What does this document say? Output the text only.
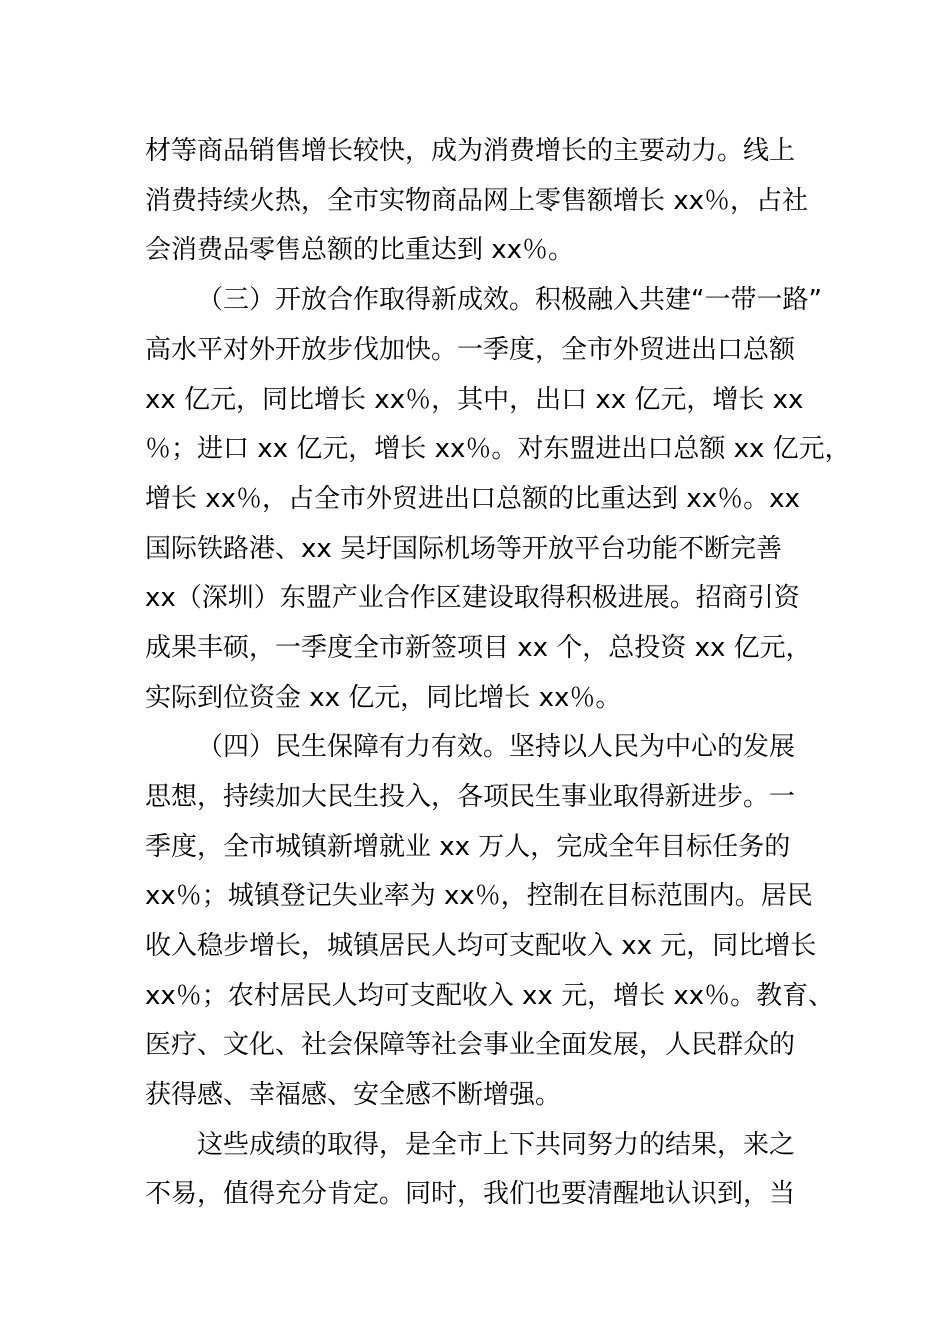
材等商品销售增长较快，成为消费增长的主要动力。线上
消费持续火热，全市实物商品网上零售额增长 xx％，占社
会消费品零售总额的比重达到 xx％。
（三）开放合作取得新成效。积极融入共建“一带一路”
高水平对外开放步伐加快。一季度，全市外贸进出口总额
xx 亿元，同比增长 xx％，其中，出口 xx 亿元，增长 xx
％；进口 xx 亿元，增长 xx％。对东盟进出口总额 xx 亿元，
增长 xx％，占全市外贸进出口总额的比重达到 xx％。xx
国际铁路港、xx 吴圩国际机场等开放平台功能不断完善
xx（深圳）东盟产业合作区建设取得积极进展。招商引资
成果丰硕，一季度全市新签项目 xx 个，总投资 xx 亿元，
实际到位资金 xx 亿元，同比增长 xx％。
（四）民生保障有力有效。坚持以人民为中心的发展
思想，持续加大民生投入，各项民生事业取得新进步。一
季度，全市城镇新增就业 xx 万人，完成全年目标任务的
xx％；城镇登记失业率为 xx％，控制在目标范围内。居民
收入稳步增长，城镇居民人均可支配收入 xx 元，同比增长
xx％；农村居民人均可支配收入 xx 元，增长 xx％。教育、
医疗、文化、社会保障等社会事业全面发展，人民群众的
获得感、幸福感、安全感不断增强。
这些成绩的取得，是全市上下共同努力的结果，来之
不易，值得充分肯定。同时，我们也要清醒地认识到，当
